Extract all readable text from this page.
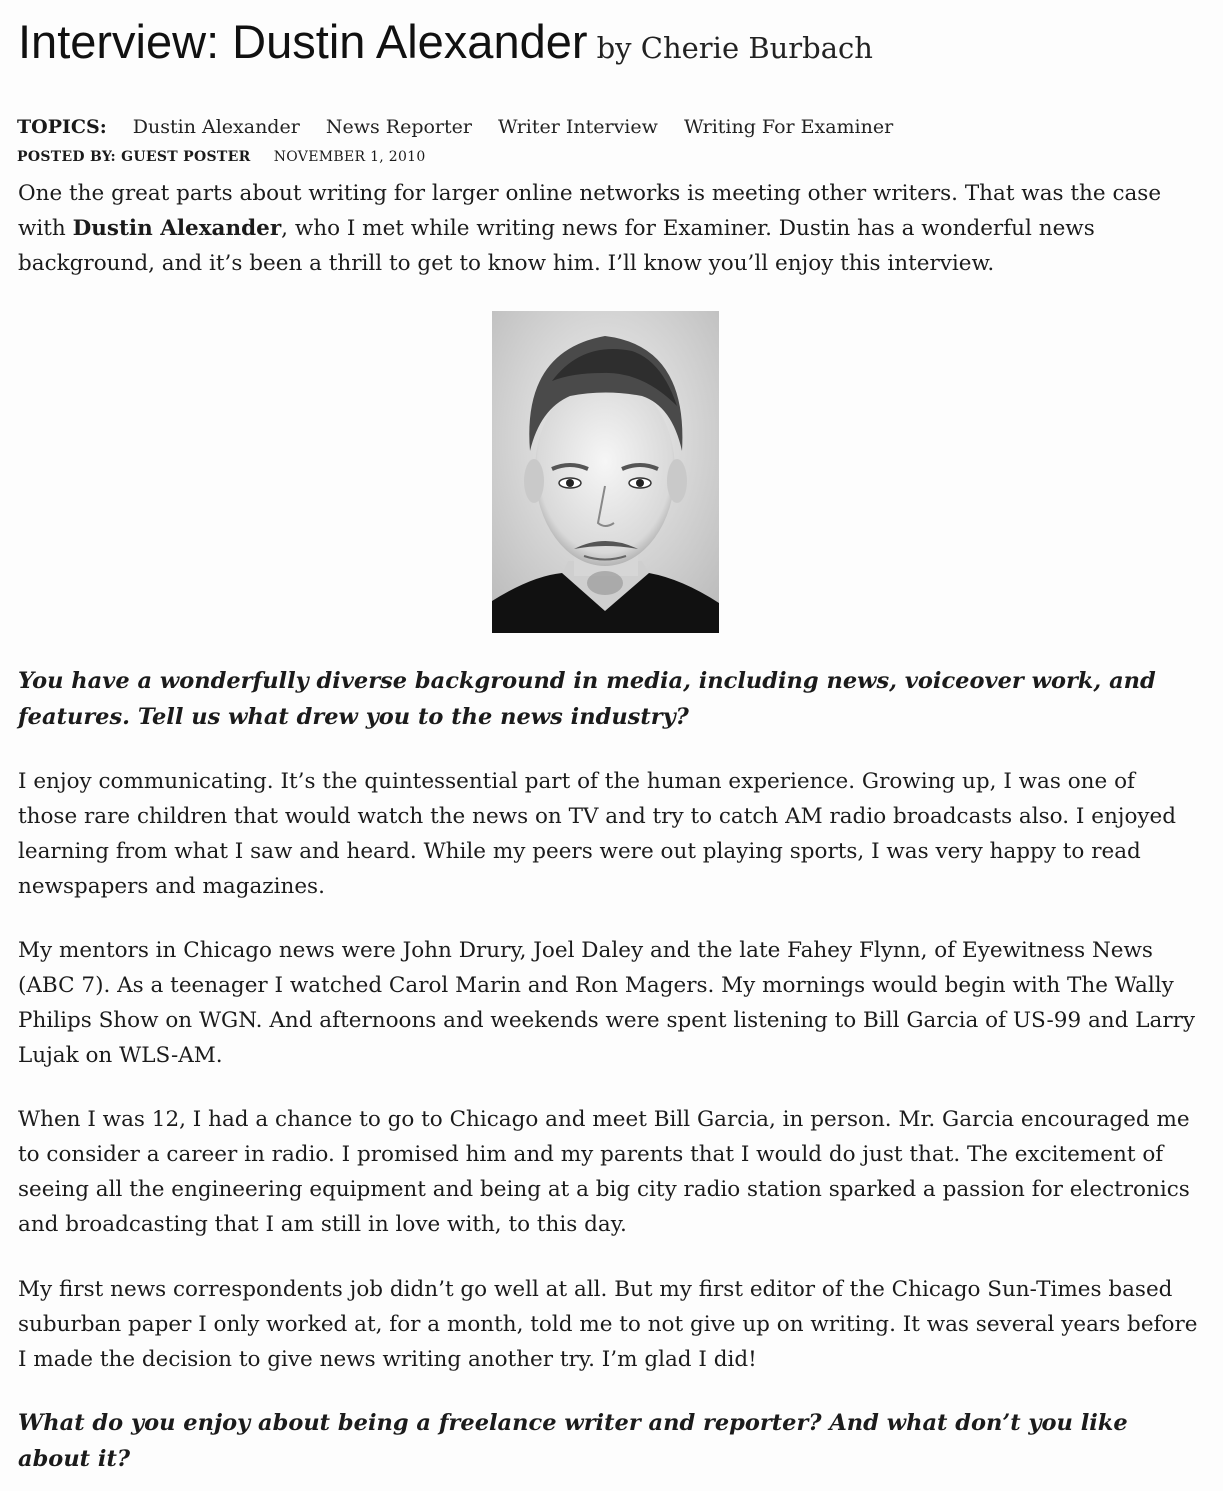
Interview: Dustin Alexander by Cherie Burbach
TOPICS: Dustin Alexander News Reporter Writer Interview Writing For Examiner
POSTED BY: GUEST POSTER NOVEMBER 1, 2010
One the great parts about writing for larger online networks is meeting other writers. That was the case with Dustin Alexander, who I met while writing news for Examiner. Dustin has a wonderful news background, and it’s been a thrill to get to know him. I’ll know you’ll enjoy this interview.
You have a wonderfully diverse background in media, including news, voiceover work, and features. Tell us what drew you to the news industry?
I enjoy communicating. It’s the quintessential part of the human experience. Growing up, I was one of those rare children that would watch the news on TV and try to catch AM radio broadcasts also. I enjoyed learning from what I saw and heard. While my peers were out playing sports, I was very happy to read newspapers and magazines.
My mentors in Chicago news were John Drury, Joel Daley and the late Fahey Flynn, of Eyewitness News (ABC 7). As a teenager I watched Carol Marin and Ron Magers. My mornings would begin with The Wally Philips Show on WGN. And afternoons and weekends were spent listening to Bill Garcia of US-99 and Larry Lujak on WLS-AM.
When I was 12, I had a chance to go to Chicago and meet Bill Garcia, in person. Mr. Garcia encouraged me to consider a career in radio. I promised him and my parents that I would do just that. The excitement of seeing all the engineering equipment and being at a big city radio station sparked a passion for electronics and broadcasting that I am still in love with, to this day.
My first news correspondents job didn’t go well at all. But my first editor of the Chicago Sun-Times based suburban paper I only worked at, for a month, told me to not give up on writing. It was several years before I made the decision to give news writing another try. I’m glad I did!
What do you enjoy about being a freelance writer and reporter? And what don’t you like about it?
